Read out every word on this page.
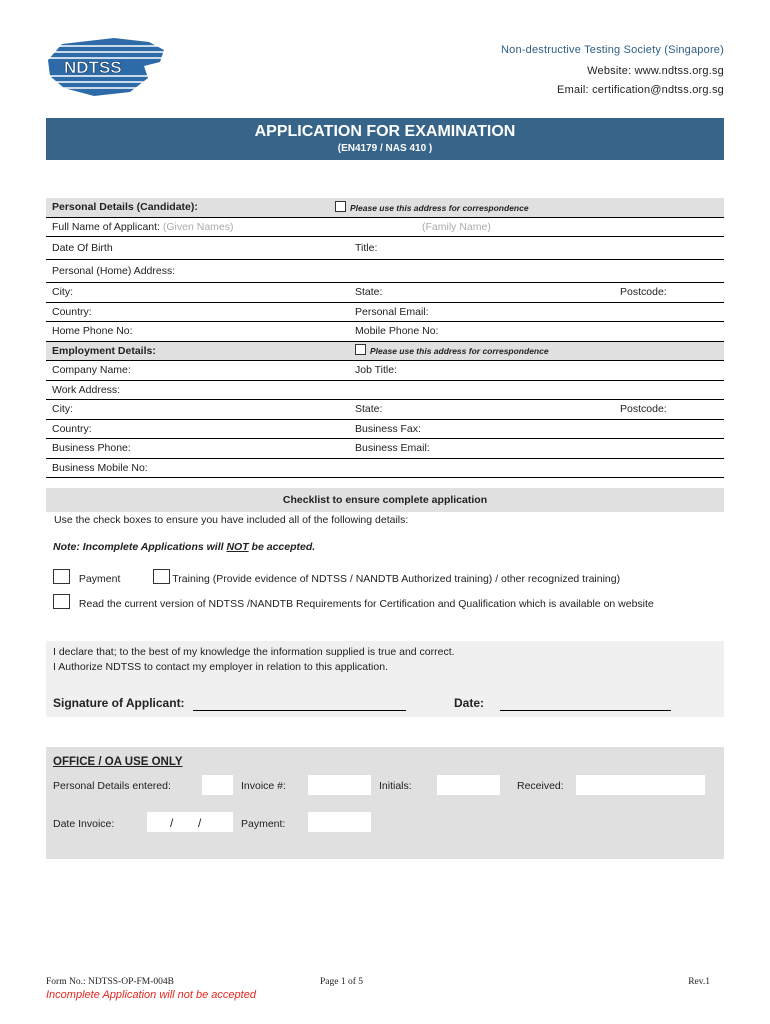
NDTSS
Non-destructive Testing Society (Singapore)
Website: www.ndtss.org.sg
Email: certification@ndtss.org.sg
APPLICATION FOR EXAMINATION
(EN4179 / NAS 410 )
Personal Details (Candidate):	Please use this address for correspondence	
Full Name of Applicant: (Given Names)	(Family Name)	
Date Of Birth	Title:	
Personal (Home) Address:		
City:	State:	Postcode:
Country:	Personal Email:	
Home Phone No:	Mobile Phone No:	
Employment Details:	Please use this address for correspondence	
Company Name:	Job Title:	
Work Address:		
City:	State:	Postcode:
Country:	Business Fax:	
Business Phone:	Business Email:	
Business Mobile No:		
Checklist to ensure complete application
Use the check boxes to ensure you have included all of the following details:
Note: Incomplete Applications will NOT be accepted.
Payment	Training (Provide evidence of NDTSS / NANDTB Authorized training) / other recognized training)
Read the current version of NDTSS /NANDTB Requirements for Certification and Qualification which is available on website

I declare that; to the best of my knowledge the information supplied is true and correct.

I Authorize NDTSS to contact my employer in relation to this application.

Signature of Applicant:	Date:
OFFICE / OA USE ONLY
Personal Details entered:	Invoice #:	Initials:	Received:
Date Invoice:	/ /	Payment:
Form No.: NDTSS-OP-FM-004B	Page 1 of 5	Rev.1
Incomplete Application will not be accepted
